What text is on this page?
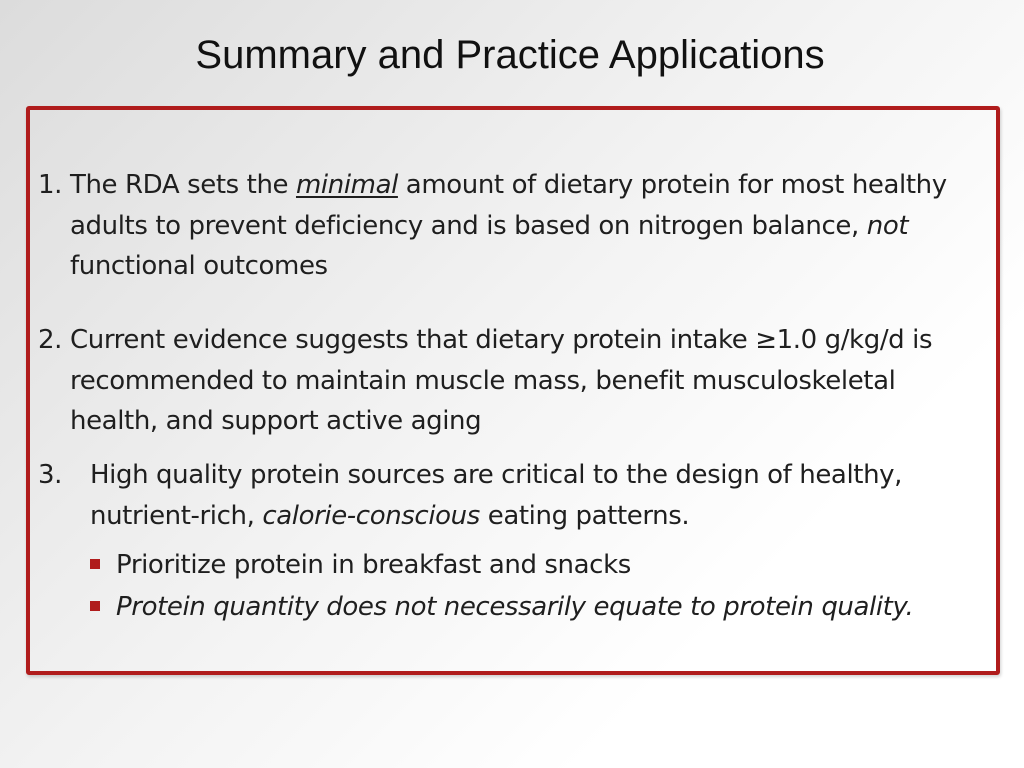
Summary and Practice Applications
1. The RDA sets the minimal amount of dietary protein for most healthy adults to prevent deficiency and is based on nitrogen balance, not functional outcomes
2. Current evidence suggests that dietary protein intake ≥1.0 g/kg/d is recommended to maintain muscle mass, benefit musculoskeletal health, and support active aging
3. High quality protein sources are critical to the design of healthy, nutrient-rich, calorie-conscious eating patterns.
Prioritize protein in breakfast and snacks
Protein quantity does not necessarily equate to protein quality.
